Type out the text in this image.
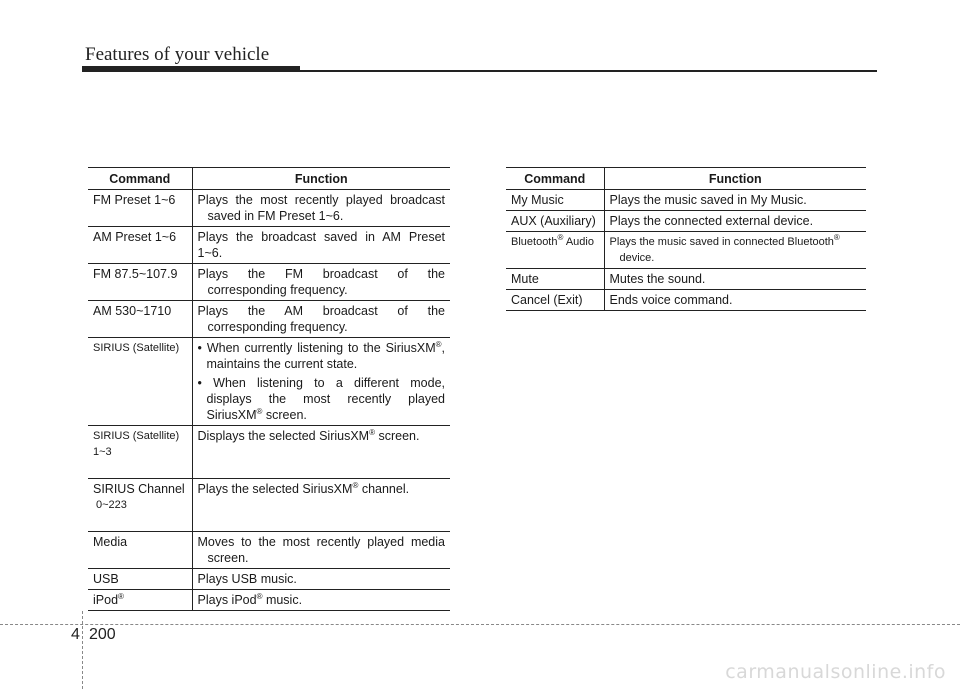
Features of your vehicle
Command	Function
FM Preset 1~6	Plays the most recently played broadcast saved in FM Preset 1~6.

AM Preset 1~6	Plays the broadcast saved in AM Preset 1~6.
FM 87.5~107.9	Plays the FM broadcast of the corresponding frequency.

AM 530~1710	Plays the AM broadcast of the corresponding frequency.

SIRIUS (Satellite)	• When currently listening to the SiriusXM®, maintains the current state.
• When listening to a different mode, displays the most recently played SiriusXM® screen.

SIRIUS (Satellite)
1~3	Displays the selected SiriusXM® screen.

SIRIUS Channel
0~223	Plays the selected SiriusXM® channel.
Media	Moves to the most recently played media screen.

USB	Plays USB music.
iPod®	Plays iPod® music.
Command	Function
My Music	Plays the music saved in My Music.
AUX (Auxiliary)	Plays the connected external device.
Bluetooth® Audio	Plays the music saved in connected Bluetooth®
device.

Mute	Mutes the sound.
Cancel (Exit)	Ends voice command.
4 200
carmanualsonline.info
